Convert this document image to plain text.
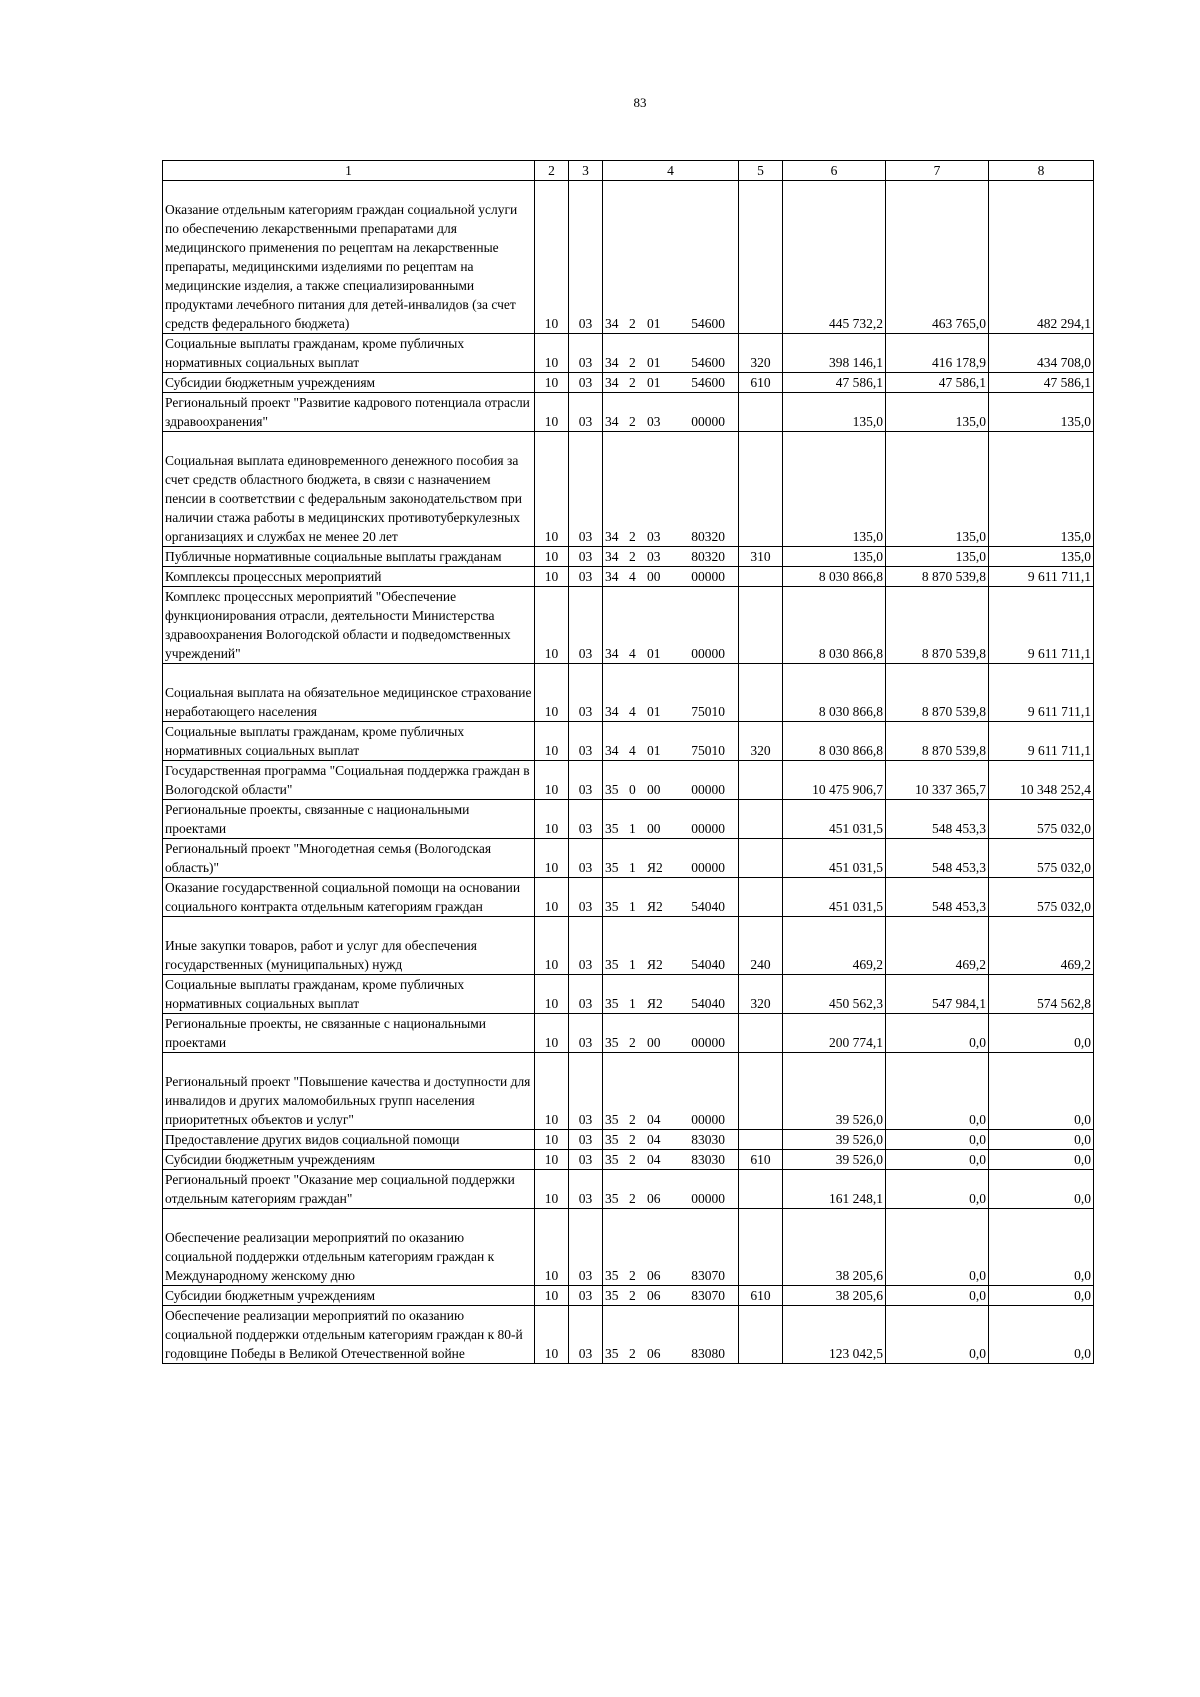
83
1	2	3	4	5	6	7	8

Оказание отдельным категориям граждан социальной услуги по обеспечению лекарственными препаратами для медицинского применения по рецептам на лекарственные препараты, медицинскими изделиями по рецептам на медицинские изделия, а также специализированными продуктами лечебного питания для детей-инвалидов (за счет средств федерального бюджета)	10	03	34 2 01 54600		445 732,2	463 765,0	482 294,1
Социальные выплаты гражданам, кроме публичных нормативных социальных выплат	10	03	34 2 01 54600	320	398 146,1	416 178,9	434 708,0
Субсидии бюджетным учреждениям	10	03	34 2 01 54600	610	47 586,1	47 586,1	47 586,1
Региональный проект "Развитие кадрового потенциала отрасли здравоохранения"	10	03	34 2 03 00000		135,0	135,0	135,0

Социальная выплата единовременного денежного пособия за счет средств областного бюджета, в связи с назначением пенсии в соответствии с федеральным законодательством при наличии стажа работы в медицинских противотуберкулезных организациях и службах не менее 20 лет	10	03	34 2 03 80320		135,0	135,0	135,0
Публичные нормативные социальные выплаты гражданам	10	03	34 2 03 80320	310	135,0	135,0	135,0
Комплексы процессных мероприятий	10	03	34 4 00 00000		8 030 866,8	8 870 539,8	9 611 711,1
Комплекс процессных мероприятий "Обеспечение функционирования отрасли, деятельности Министерства здравоохранения Вологодской области и подведомственных учреждений"	10	03	34 4 01 00000		8 030 866,8	8 870 539,8	9 611 711,1

Социальная выплата на обязательное медицинское страхование неработающего населения	10	03	34 4 01 75010		8 030 866,8	8 870 539,8	9 611 711,1
Социальные выплаты гражданам, кроме публичных нормативных социальных выплат	10	03	34 4 01 75010	320	8 030 866,8	8 870 539,8	9 611 711,1
Государственная программа "Социальная поддержка граждан в Вологодской области"	10	03	35 0 00 00000		10 475 906,7	10 337 365,7	10 348 252,4
Региональные проекты, связанные с национальными проектами	10	03	35 1 00 00000		451 031,5	548 453,3	575 032,0
Региональный проект "Многодетная семья (Вологодская область)"	10	03	35 1 Я2 00000		451 031,5	548 453,3	575 032,0
Оказание государственной социальной помощи на основании социального контракта отдельным категориям граждан	10	03	35 1 Я2 54040		451 031,5	548 453,3	575 032,0

Иные закупки товаров, работ и услуг для обеспечения государственных (муниципальных) нужд	10	03	35 1 Я2 54040	240	469,2	469,2	469,2
Социальные выплаты гражданам, кроме публичных нормативных социальных выплат	10	03	35 1 Я2 54040	320	450 562,3	547 984,1	574 562,8
Региональные проекты, не связанные с национальными проектами	10	03	35 2 00 00000		200 774,1	0,0	0,0

Региональный проект "Повышение качества и доступности для инвалидов и других маломобильных групп населения приоритетных объектов и услуг"	10	03	35 2 04 00000		39 526,0	0,0	0,0
Предоставление других видов социальной помощи	10	03	35 2 04 83030		39 526,0	0,0	0,0
Субсидии бюджетным учреждениям	10	03	35 2 04 83030	610	39 526,0	0,0	0,0
Региональный проект "Оказание мер социальной поддержки отдельным категориям граждан"	10	03	35 2 06 00000		161 248,1	0,0	0,0

Обеспечение реализации мероприятий по оказанию социальной поддержки отдельным категориям граждан к Международному женскому дню	10	03	35 2 06 83070		38 205,6	0,0	0,0
Субсидии бюджетным учреждениям	10	03	35 2 06 83070	610	38 205,6	0,0	0,0
Обеспечение реализации мероприятий по оказанию социальной поддержки отдельным категориям граждан к 80-й годовщине Победы в Великой Отечественной войне	10	03	35 2 06 83080		123 042,5	0,0	0,0
